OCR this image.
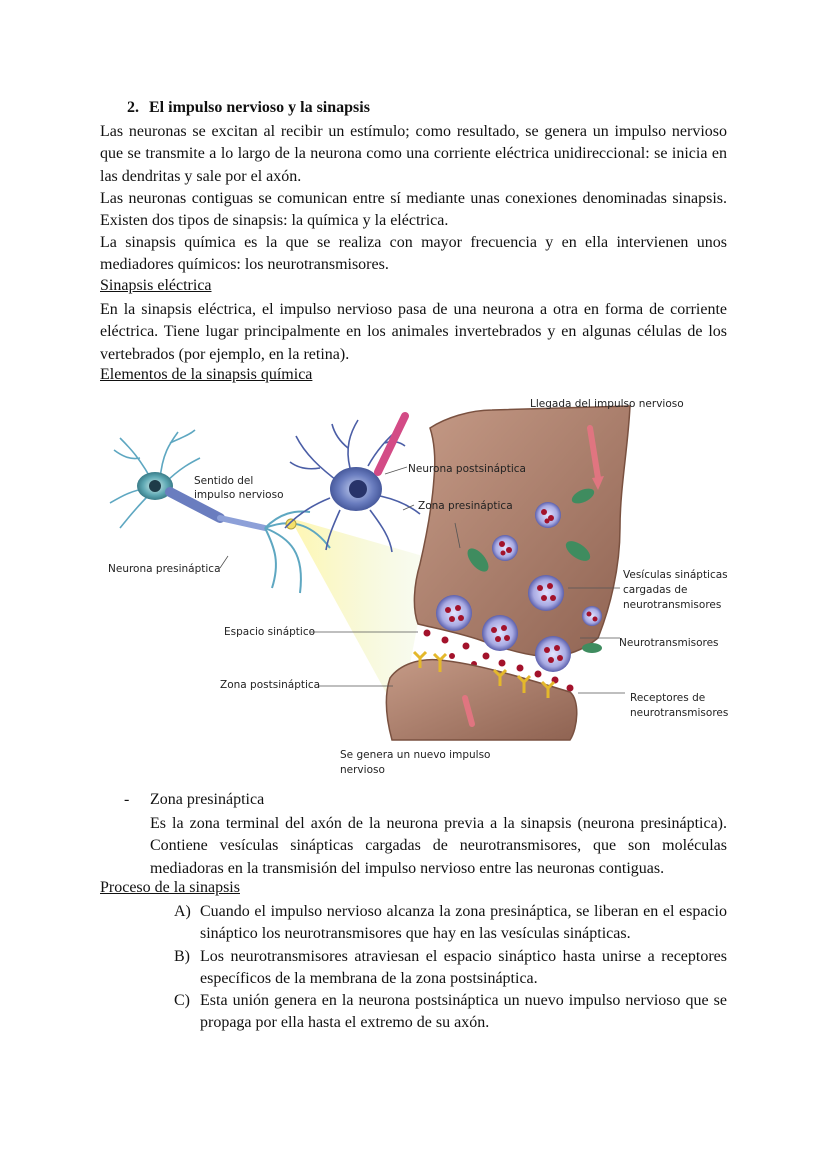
2. El impulso nervioso y la sinapsis

Las neuronas se excitan al recibir un estímulo; como resultado, se genera un impulso nervioso que se transmite a lo largo de la neurona como una corriente eléctrica unidireccional: se inicia en las dendritas y sale por el axón.

Las neuronas contiguas se comunican entre sí mediante unas conexiones denominadas sinapsis. Existen dos tipos de sinapsis: la química y la eléctrica.

La sinapsis química es la que se realiza con mayor frecuencia y en ella intervienen unos mediadores químicos: los neurotransmisores.

Sinapsis eléctrica

En la sinapsis eléctrica, el impulso nervioso pasa de una neurona a otra en forma de corriente eléctrica. Tiene lugar principalmente en los animales invertebrados y en algunas células de los vertebrados (por ejemplo, en la retina).

Elementos de la sinapsis química

Llegada del impulso nervioso
Sentido del
impulso nervioso
Neurona postsináptica
Zona presináptica
Neurona presináptica	Vesículas sinápticas
cargadas de
neurotransmisores
Espacio sináptico
Neurotransmisores
Zona postsináptica
Receptores de
neurotransmisores
Se genera un nuevo impulso
nervioso
- Zona presináptica

Es la zona terminal del axón de la neurona previa a la sinapsis (neurona presináptica). Contiene vesículas sinápticas cargadas de neurotransmisores, que son moléculas mediadoras en la transmisión del impulso nervioso entre las neuronas contiguas.

Proceso de la sinapsis

A) Cuando el impulso nervioso alcanza la zona presináptica, se liberan en el espacio sináptico los neurotransmisores que hay en las vesículas sinápticas.
B) Los neurotransmisores atraviesan el espacio sináptico hasta unirse a receptores específicos de la membrana de la zona postsináptica.
C) Esta unión genera en la neurona postsináptica un nuevo impulso nervioso que se propaga por ella hasta el extremo de su axón.
